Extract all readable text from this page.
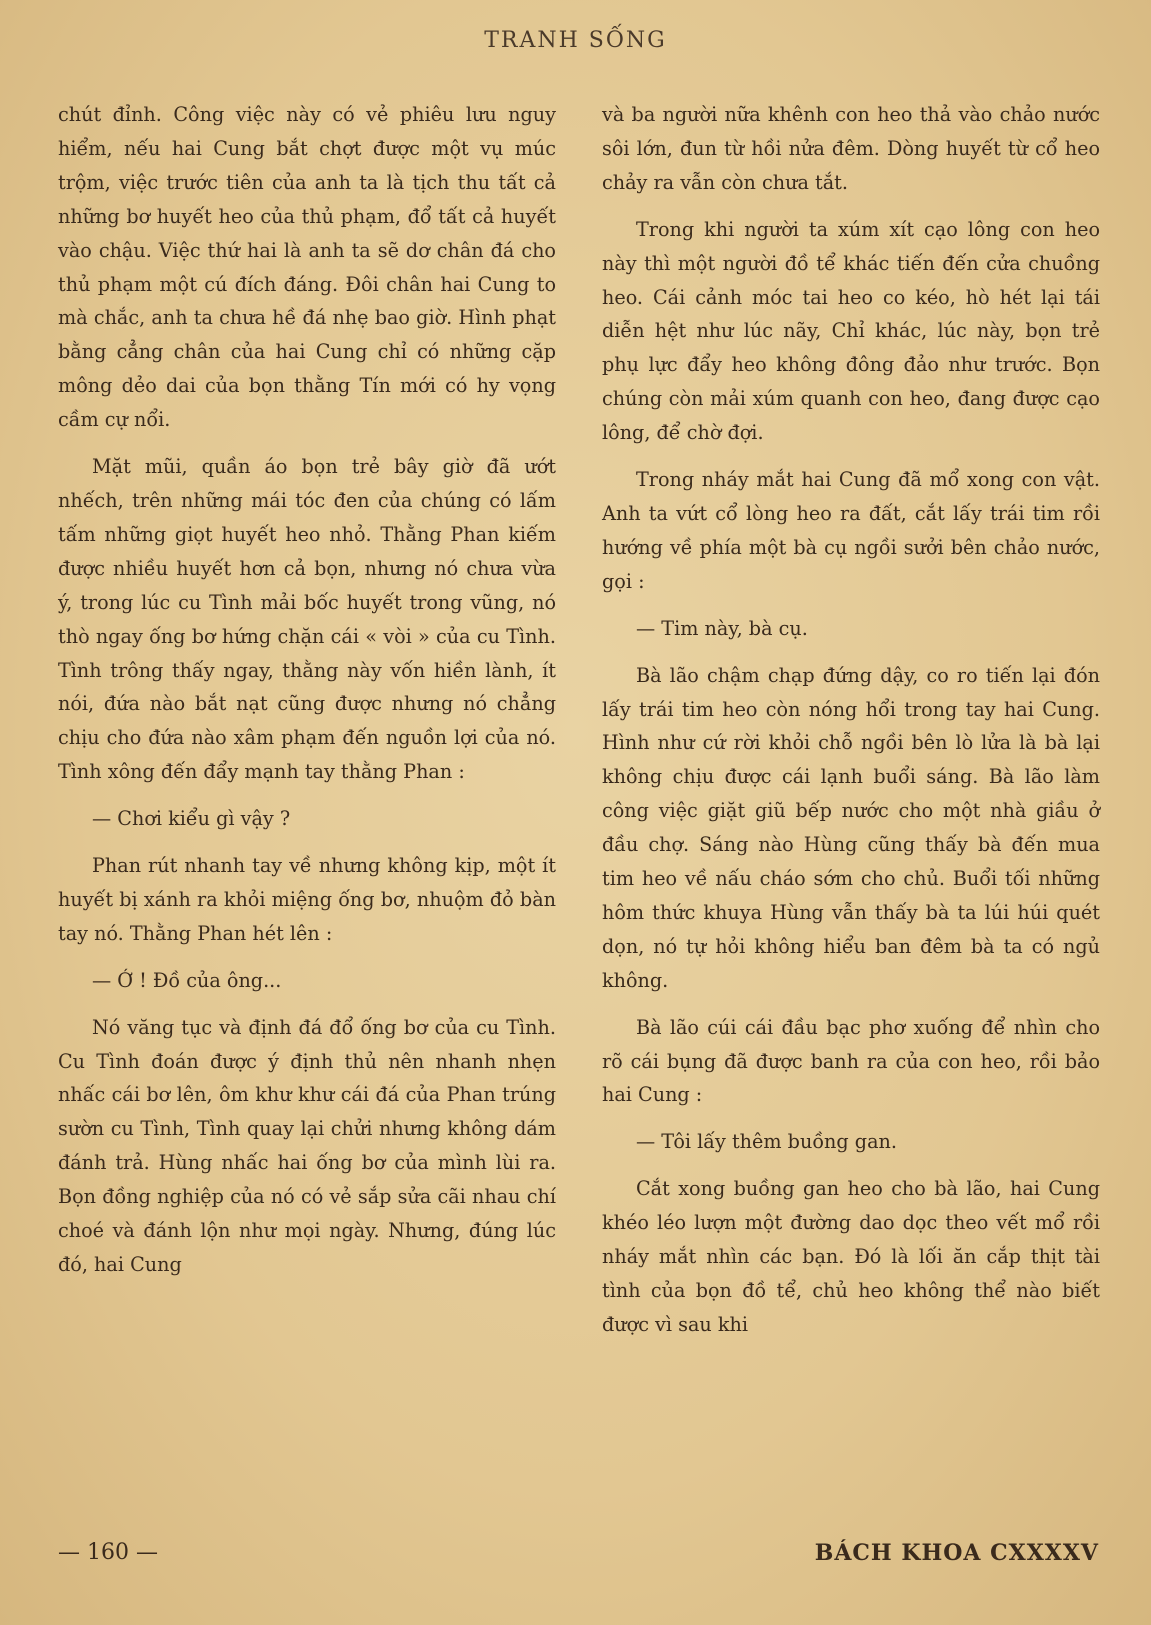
TRANH SỐNG

chút đỉnh. Công việc này có vẻ phiêu lưu nguy hiểm, nếu hai Cung bắt chợt được một vụ múc trộm, việc trước tiên của anh ta là tịch thu tất cả những bơ huyết heo của thủ phạm, đổ tất cả huyết vào chậu. Việc thứ hai là anh ta sẽ dơ chân đá cho thủ phạm một cú đích đáng. Đôi chân hai Cung to mà chắc, anh ta chưa hề đá nhẹ bao giờ. Hình phạt bằng cẳng chân của hai Cung chỉ có những cặp mông dẻo dai của bọn thằng Tín mới có hy vọng cầm cự nổi.

Mặt mũi, quần áo bọn trẻ bây giờ đã ướt nhếch, trên những mái tóc đen của chúng có lấm tấm những giọt huyết heo nhỏ. Thằng Phan kiếm được nhiều huyết hơn cả bọn, nhưng nó chưa vừa ý, trong lúc cu Tình mải bốc huyết trong vũng, nó thò ngay ống bơ hứng chặn cái « vòi » của cu Tình. Tình trông thấy ngay, thằng này vốn hiền lành, ít nói, đứa nào bắt nạt cũng được nhưng nó chẳng chịu cho đứa nào xâm phạm đến nguồn lợi của nó. Tình xông đến đẩy mạnh tay thằng Phan :

— Chơi kiểu gì vậy ?

Phan rút nhanh tay về nhưng không kịp, một ít huyết bị xánh ra khỏi miệng ống bơ, nhuộm đỏ bàn tay nó. Thằng Phan hét lên :

— Ớ ! Đồ của ông...

Nó văng tục và định đá đổ ống bơ của cu Tình. Cu Tình đoán được ý định thủ nên nhanh nhẹn nhấc cái bơ lên, ôm khư khư cái đá của Phan trúng sườn cu Tình, Tình quay lại chửi nhưng không dám đánh trả. Hùng nhấc hai ống bơ của mình lùi ra. Bọn đồng nghiệp của nó có vẻ sắp sửa cãi nhau chí choé và đánh lộn như mọi ngày. Nhưng, đúng lúc đó, hai Cung

và ba người nữa khênh con heo thả vào chảo nước sôi lớn, đun từ hồi nửa đêm. Dòng huyết từ cổ heo chảy ra vẫn còn chưa tắt.

Trong khi người ta xúm xít cạo lông con heo này thì một người đồ tể khác tiến đến cửa chuồng heo. Cái cảnh móc tai heo co kéo, hò hét lại tái diễn hệt như lúc nãy, Chỉ khác, lúc này, bọn trẻ phụ lực đẩy heo không đông đảo như trước. Bọn chúng còn mải xúm quanh con heo, đang được cạo lông, để chờ đợi.

Trong nháy mắt hai Cung đã mổ xong con vật. Anh ta vứt cổ lòng heo ra đất, cắt lấy trái tim rồi hướng về phía một bà cụ ngồi sưởi bên chảo nước, gọi :

— Tim này, bà cụ.

Bà lão chậm chạp đứng dậy, co ro tiến lại đón lấy trái tim heo còn nóng hổi trong tay hai Cung. Hình như cứ rời khỏi chỗ ngồi bên lò lửa là bà lại không chịu được cái lạnh buổi sáng. Bà lão làm công việc giặt giũ bếp nước cho một nhà giầu ở đầu chợ. Sáng nào Hùng cũng thấy bà đến mua tim heo về nấu cháo sớm cho chủ. Buổi tối những hôm thức khuya Hùng vẫn thấy bà ta lúi húi quét dọn, nó tự hỏi không hiểu ban đêm bà ta có ngủ không.

Bà lão cúi cái đầu bạc phơ xuống để nhìn cho rõ cái bụng đã được banh ra của con heo, rồi bảo hai Cung :

— Tôi lấy thêm buồng gan.

Cắt xong buồng gan heo cho bà lão, hai Cung khéo léo lượn một đường dao dọc theo vết mổ rồi nháy mắt nhìn các bạn. Đó là lối ăn cắp thịt tài tình của bọn đồ tể, chủ heo không thể nào biết được vì sau khi

— 160 —	BÁCH KHOA CXXXXV
